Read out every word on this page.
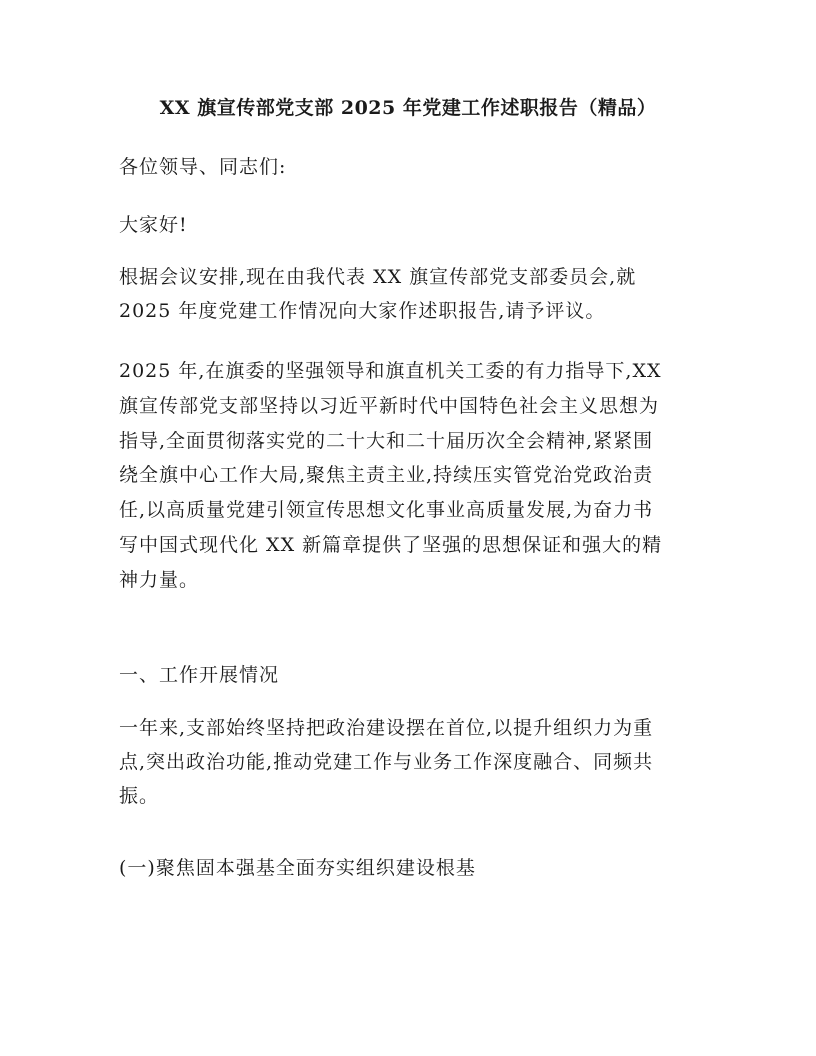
XX 旗宣传部党支部 2025 年党建工作述职报告（精品）

各位领导、同志们:

大家好!

根据会议安排,现在由我代表 XX 旗宣传部党支部委员会,就
2025 年度党建工作情况向大家作述职报告,请予评议。

2025 年,在旗委的坚强领导和旗直机关工委的有力指导下,XX
旗宣传部党支部坚持以习近平新时代中国特色社会主义思想为
指导,全面贯彻落实党的二十大和二十届历次全会精神,紧紧围
绕全旗中心工作大局,聚焦主责主业,持续压实管党治党政治责
任,以高质量党建引领宣传思想文化事业高质量发展,为奋力书
写中国式现代化 XX 新篇章提供了坚强的思想保证和强大的精
神力量。

一、工作开展情况

一年来,支部始终坚持把政治建设摆在首位,以提升组织力为重
点,突出政治功能,推动党建工作与业务工作深度融合、同频共
振。

(一)聚焦固本强基全面夯实组织建设根基
